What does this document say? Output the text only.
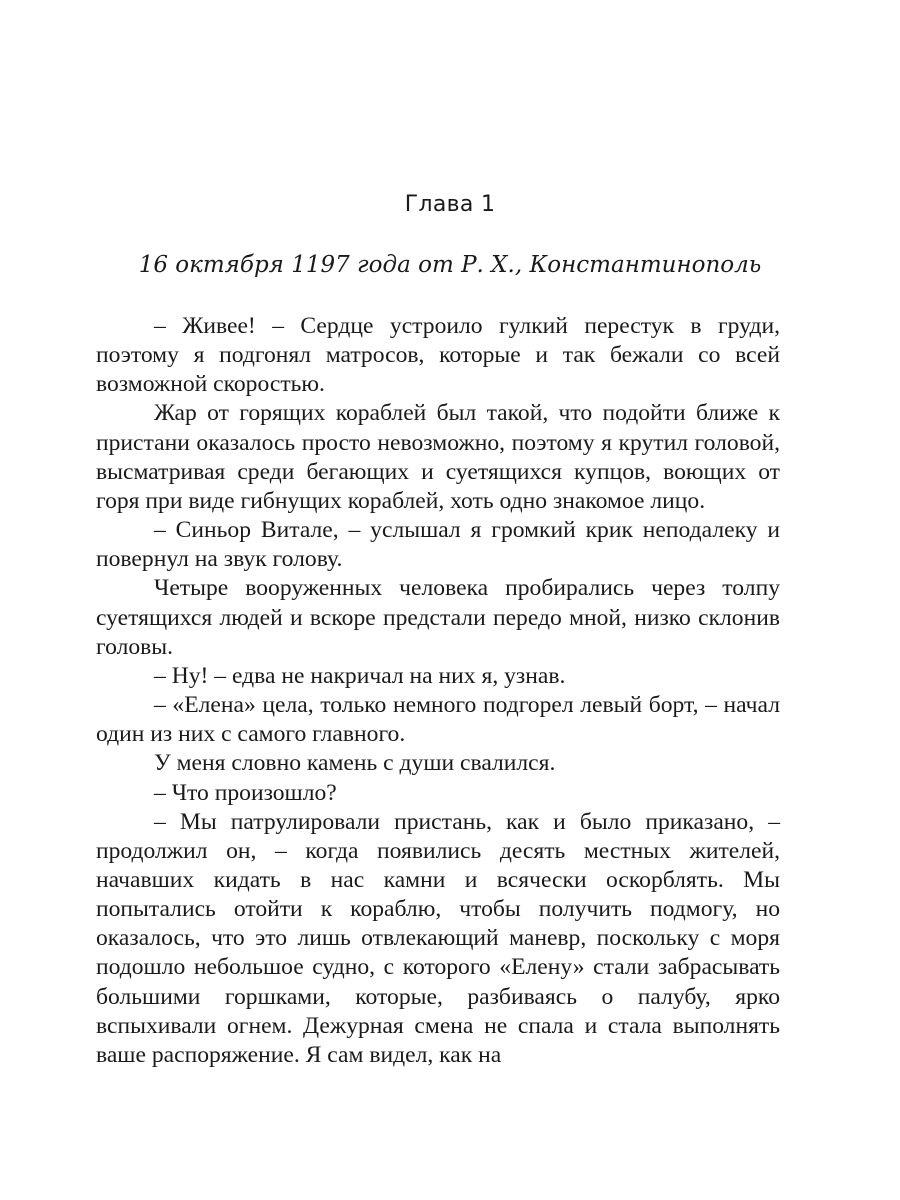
Глава 1
16 октября 1197 года от Р. Х., Константинополь

– Живее! – Сердце устроило гулкий перестук в груди, поэтому я подгонял матросов, которые и так бежали со всей возможной скоростью.

Жар от горящих кораблей был такой, что подойти ближе к пристани оказалось просто невозможно, поэтому я крутил головой, высматривая среди бегающих и суетящихся купцов, воющих от горя при виде гибнущих кораблей, хоть одно знакомое лицо.

– Синьор Витале, – услышал я громкий крик неподалеку и повернул на звук голову.

Четыре вооруженных человека пробирались через толпу суетящихся людей и вскоре предстали передо мной, низко склонив головы.

– Ну! – едва не накричал на них я, узнав.

– «Елена» цела, только немного подгорел левый борт, – начал один из них с самого главного.

У меня словно камень с души свалился.

– Что произошло?

– Мы патрулировали пристань, как и было приказано, – продолжил он, – когда появились десять местных жителей, начавших кидать в нас камни и всячески оскорблять. Мы попытались отойти к кораблю, чтобы получить подмогу, но оказалось, что это лишь отвлекающий маневр, поскольку с моря подошло небольшое судно, с которого «Елену» стали забрасывать большими горшками, которые, разбиваясь о палубу, ярко вспыхивали огнем. Дежурная смена не спала и стала выполнять ваше распоряжение. Я сам видел, как на
